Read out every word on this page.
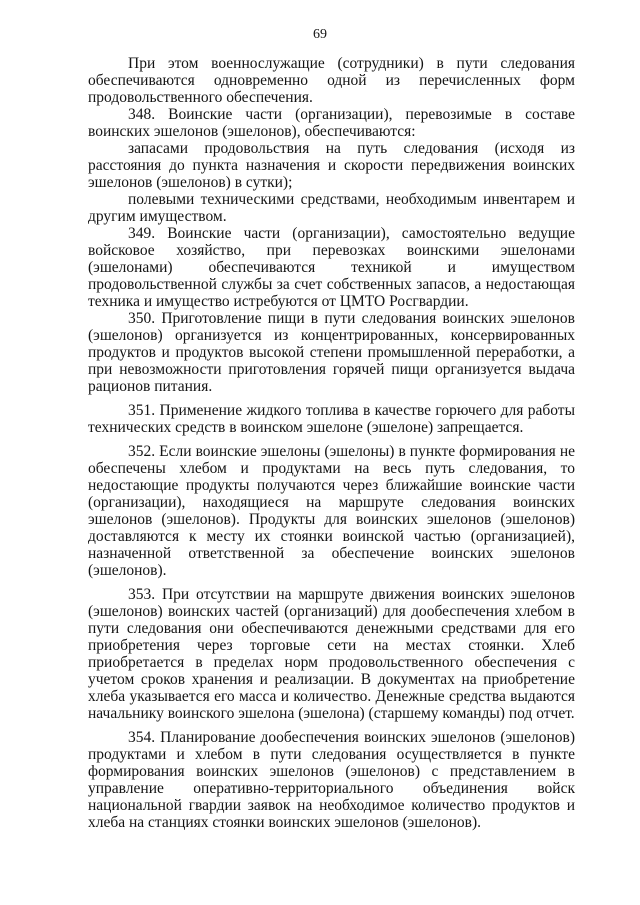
69

При этом военнослужащие (сотрудники) в пути следования обеспечиваются одновременно одной из перечисленных форм продовольственного обеспечения.

348. Воинские части (организации), перевозимые в составе воинских эшелонов (эшелонов), обеспечиваются:

запасами продовольствия на путь следования (исходя из расстояния до пункта назначения и скорости передвижения воинских эшелонов (эшелонов) в сутки);

полевыми техническими средствами, необходимым инвентарем и другим имуществом.

349. Воинские части (организации), самостоятельно ведущие войсковое хозяйство, при перевозках воинскими эшелонами (эшелонами) обеспечиваются техникой и имуществом продовольственной службы за счет собственных запасов, а недостающая техника и имущество истребуются от ЦМТО Росгвардии.

350. Приготовление пищи в пути следования воинских эшелонов (эшелонов) организуется из концентрированных, консервированных продуктов и продуктов высокой степени промышленной переработки, а при невозможности приготовления горячей пищи организуется выдача рационов питания.

351. Применение жидкого топлива в качестве горючего для работы технических средств в воинском эшелоне (эшелоне) запрещается.

352. Если воинские эшелоны (эшелоны) в пункте формирования не обеспечены хлебом и продуктами на весь путь следования, то недостающие продукты получаются через ближайшие воинские части (организации), находящиеся на маршруте следования воинских эшелонов (эшелонов). Продукты для воинских эшелонов (эшелонов) доставляются к месту их стоянки воинской частью (организацией), назначенной ответственной за обеспечение воинских эшелонов (эшелонов).

353. При отсутствии на маршруте движения воинских эшелонов (эшелонов) воинских частей (организаций) для дообеспечения хлебом в пути следования они обеспечиваются денежными средствами для его приобретения через торговые сети на местах стоянки. Хлеб приобретается в пределах норм продовольственного обеспечения с учетом сроков хранения и реализации. В документах на приобретение хлеба указывается его масса и количество. Денежные средства выдаются начальнику воинского эшелона (эшелона) (старшему команды) под отчет.

354. Планирование дообеспечения воинских эшелонов (эшелонов) продуктами и хлебом в пути следования осуществляется в пункте формирования воинских эшелонов (эшелонов) с представлением в управление оперативно-территориального объединения войск национальной гвардии заявок на необходимое количество продуктов и хлеба на станциях стоянки воинских эшелонов (эшелонов).
